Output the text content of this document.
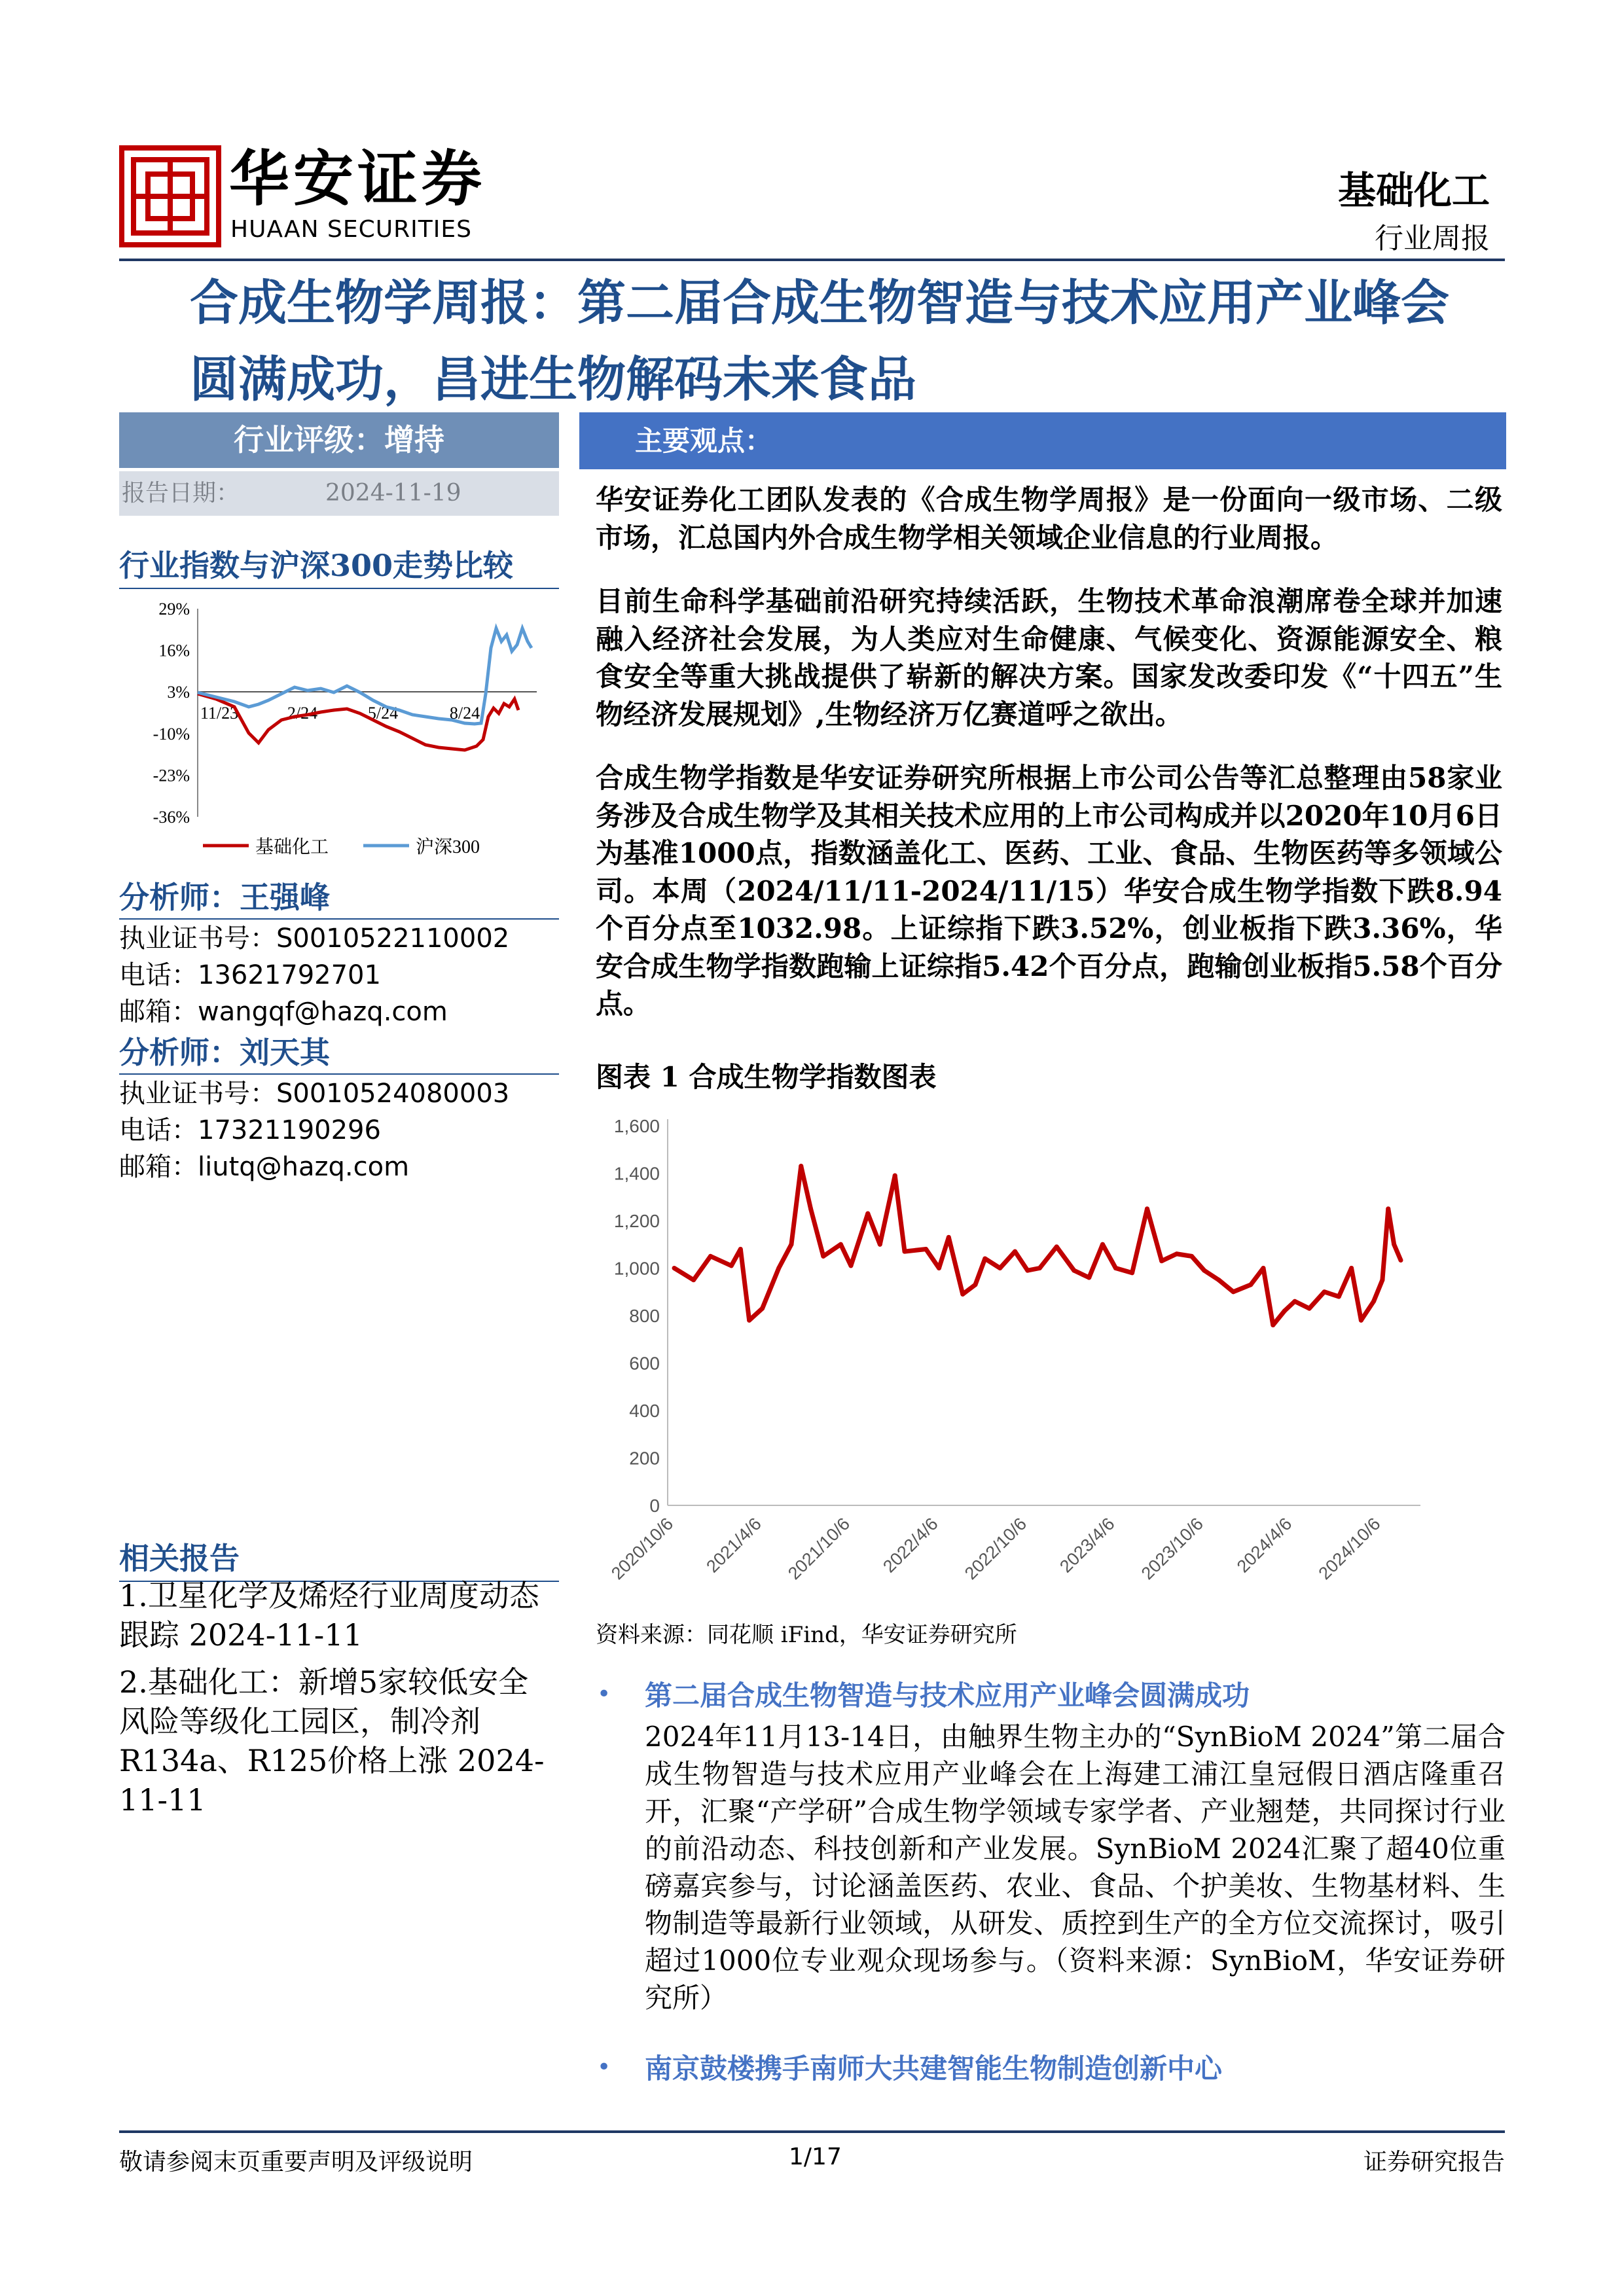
华安证券
HUAAN SECURITIES
基础化工
行业周报
合成生物学周报：第二届合成生物智造与技术应用产业峰会圆满成功，昌进生物解码未来食品
行业评级：增持
报告日期：	2024-11-19
行业指数与沪深300走势比较
29%
16%
3%
-10%
-23%
-36%
11/23	2/24	5/24	8/24
基础化工	沪深300
分析师：王强峰
执业证书号：S0010522110002
电话：13621792701
邮箱：wangqf@hazq.com
分析师：刘天其
执业证书号：S0010524080003
电话：17321190296
邮箱：liutq@hazq.com
相关报告
1.卫星化学及烯烃行业周度动态跟踪 2024-11-11
2.基础化工：新增5家较低安全风险等级化工园区，制冷剂R134a、R125价格上涨 2024-11-11
主要观点：
华安证券化工团队发表的《合成生物学周报》是一份面向一级市场、二级市场，汇总国内外合成生物学相关领域企业信息的行业周报。
目前生命科学基础前沿研究持续活跃，生物技术革命浪潮席卷全球并加速融入经济社会发展，为人类应对生命健康、气候变化、资源能源安全、粮食安全等重大挑战提供了崭新的解决方案。国家发改委印发《“十四五”生物经济发展规划》,生物经济万亿赛道呼之欲出。
合成生物学指数是华安证券研究所根据上市公司公告等汇总整理由58家业务涉及合成生物学及其相关技术应用的上市公司构成并以2020年10月6日为基准1000点，指数涵盖化工、医药、工业、食品、生物医药等多领域公司。本周（2024/11/11-2024/11/15）华安合成生物学指数下跌8.94个百分点至1032.98。上证综指下跌3.52%，创业板指下跌3.36%，华安合成生物学指数跑输上证综指5.42个百分点，跑输创业板指5.58个百分点。
图表 1 合成生物学指数图表
0
200
400
600
800
1,000
1,200
1,400
1,600
2020/10/6 2021/4/6 2021/10/6 2022/4/6 2022/10/6 2023/4/6 2023/10/6 2024/4/6 2024/10/6
资料来源：同花顺 iFind，华安证券研究所
• 第二届合成生物智造与技术应用产业峰会圆满成功
2024年11月13-14日，由触界生物主办的“SynBioM 2024”第二届合成生物智造与技术应用产业峰会在上海建工浦江皇冠假日酒店隆重召开，汇聚“产学研”合成生物学领域专家学者、产业翘楚，共同探讨行业的前沿动态、科技创新和产业发展。SynBioM 2024汇聚了超40位重磅嘉宾参与，讨论涵盖医药、农业、食品、个护美妆、生物基材料、生物制造等最新行业领域，从研发、质控到生产的全方位交流探讨，吸引超过1000位专业观众现场参与。（资料来源：SynBioM，华安证券研究所）
• 南京鼓楼携手南师大共建智能生物制造创新中心
敬请参阅末页重要声明及评级说明	1/17	证券研究报告
